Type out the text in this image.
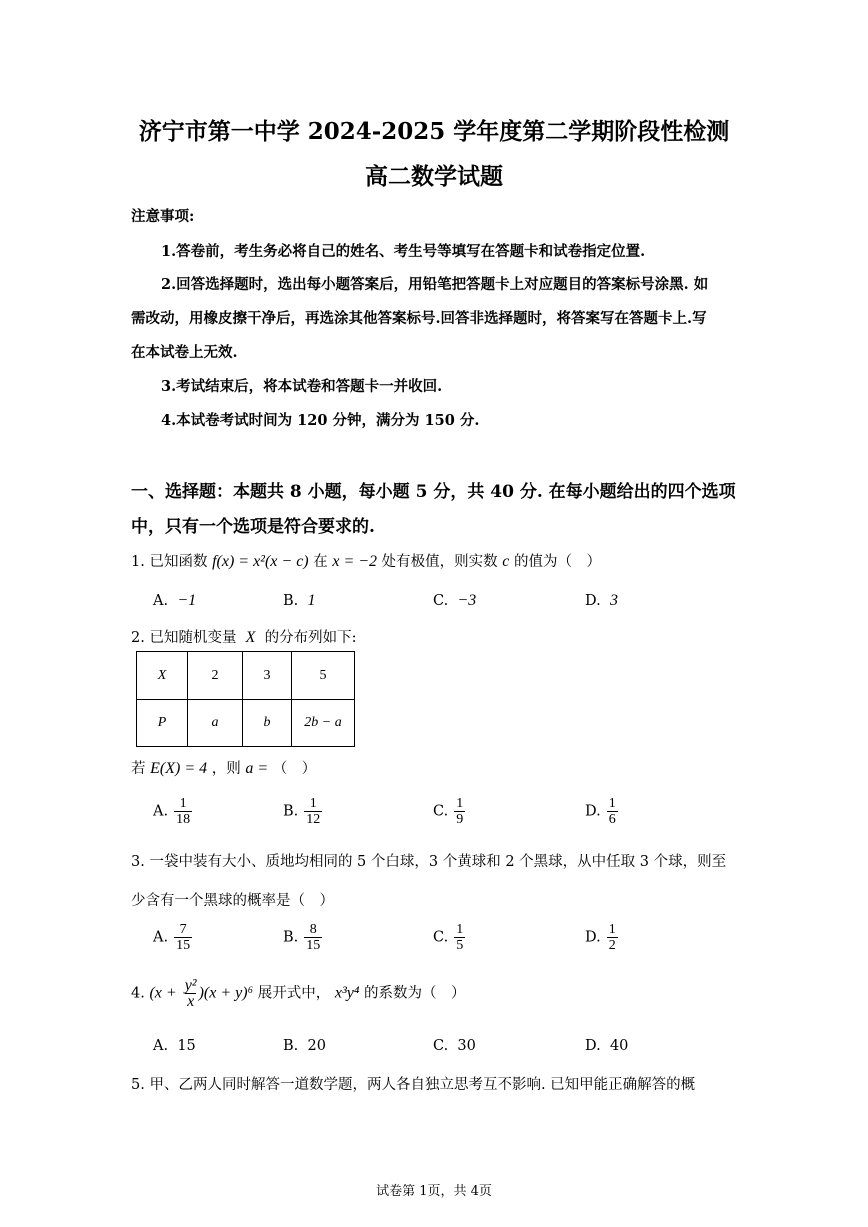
济宁市第一中学 2024-2025 学年度第二学期阶段性检测
高二数学试题
注意事项:
1.答卷前，考生务必将自己的姓名、考生号等填写在答题卡和试卷指定位置.
2.回答选择题时，选出每小题答案后，用铅笔把答题卡上对应题目的答案标号涂黑. 如
需改动，用橡皮擦干净后，再选涂其他答案标号.回答非选择题时，将答案写在答题卡上.写
在本试卷上无效.
3.考试结束后，将本试卷和答题卡一并收回.
4.本试卷考试时间为 120 分钟，满分为 150 分.
一、选择题：本题共 8 小题，每小题 5 分，共 40 分. 在每小题给出的四个选项
中，只有一个选项是符合要求的.
1. 已知函数 f(x) = x²(x − c) 在 x = −2 处有极值，则实数 c 的值为（　）
A. −1	B. 1	C. −3	D. 3
2. 已知随机变量 X 的分布列如下:
X	2	3	5
P	a	b	2b − a
若 E(X) = 4 ，则 a = （　）
A. $\frac{1}{18}$	B. $\frac{1}{12}$	C. $\frac{1}{9}$	D. $\frac{1}{6}$
3. 一袋中装有大小、质地均相同的 5 个白球，3 个黄球和 2 个黑球，从中任取 3 个球，则至
少含有一个黑球的概率是（　）
A. $\frac{7}{15}$	B. $\frac{8}{15}$	C. $\frac{1}{5}$	D. $\frac{1}{2}$
4. $(x + \frac{\text{y²}}{x} )(x + y)^6$ 展开式中， x³y⁴ 的系数为（　）
A. 15	B. 20	C. 30	D. 40
5. 甲、乙两人同时解答一道数学题，两人各自独立思考互不影响. 已知甲能正确解答的概
试卷第 1页，共 4页
